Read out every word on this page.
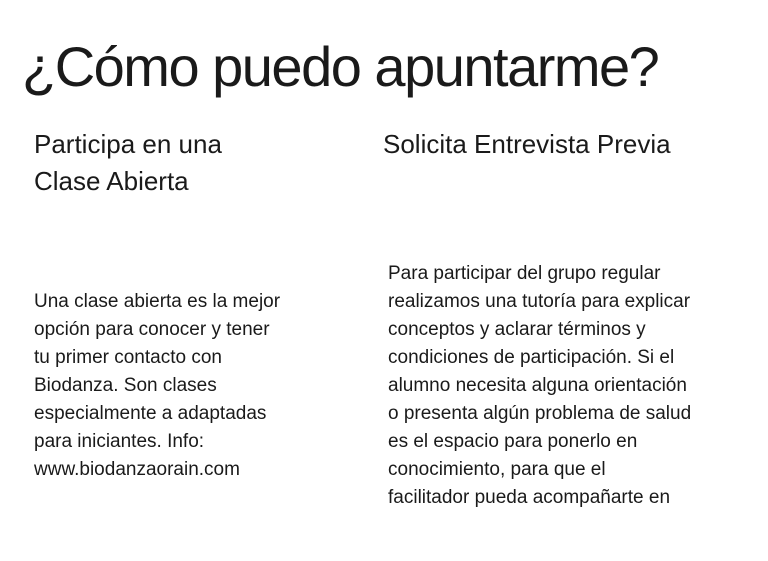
¿Cómo puedo apuntarme?
Participa en una
Clase Abierta
Solicita Entrevista Previa

Una clase abierta es la mejor
opción para conocer y tener
tu primer contacto con
Biodanza. Son clases
especialmente a adaptadas
para iniciantes. Info:
www.biodanzaorain.com

Para participar del grupo regular
realizamos una tutoría para explicar
conceptos y aclarar términos y
condiciones de participación. Si el
alumno necesita alguna orientación
o presenta algún problema de salud
es el espacio para ponerlo en
conocimiento, para que el
facilitador pueda acompañarte en
